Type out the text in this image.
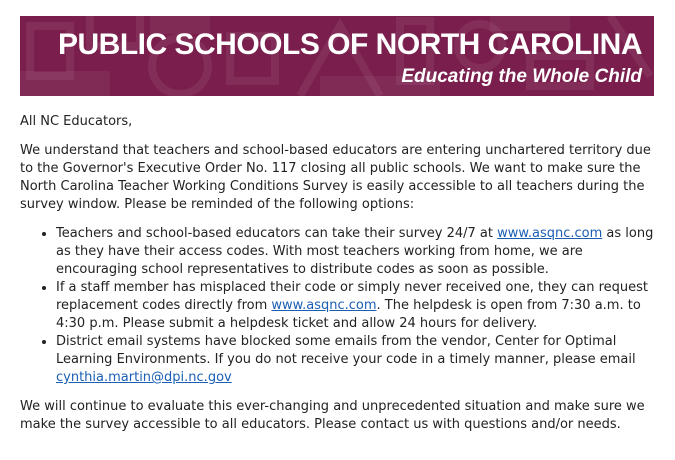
PUBLIC SCHOOLS OF NORTH CAROLINA
Educating the Whole Child

All NC Educators,

We understand that teachers and school-based educators are entering unchartered territory due to the Governor's Executive Order No. 117 closing all public schools. We want to make sure the North Carolina Teacher Working Conditions Survey is easily accessible to all teachers during the survey window. Please be reminded of the following options:

• Teachers and school-based educators can take their survey 24/7 at www.asqnc.com as long as they have their access codes. With most teachers working from home, we are encouraging school representatives to distribute codes as soon as possible.
• If a staff member has misplaced their code or simply never received one, they can request replacement codes directly from www.asqnc.com. The helpdesk is open from 7:30 a.m. to 4:30 p.m. Please submit a helpdesk ticket and allow 24 hours for delivery.
• District email systems have blocked some emails from the vendor, Center for Optimal Learning Environments. If you do not receive your code in a timely manner, please email cynthia.martin@dpi.nc.gov

We will continue to evaluate this ever-changing and unprecedented situation and make sure we make the survey accessible to all educators. Please contact us with questions and/or needs.
